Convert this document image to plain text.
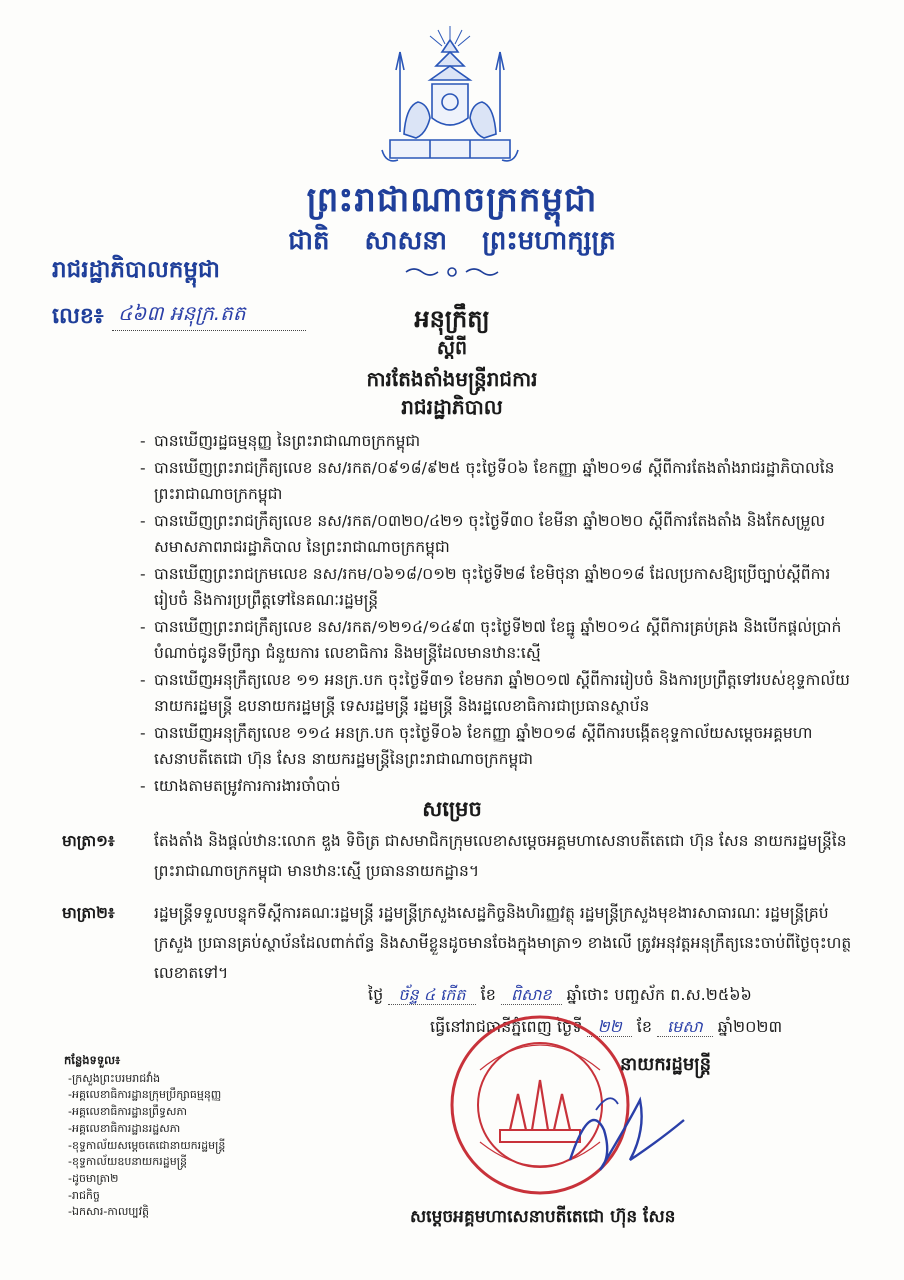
ព្រះរាជាណាចក្រកម្ពុជា
ជាតិ សាសនា ព្រះមហាក្សត្រ
រាជរដ្ឋាភិបាលកម្ពុជា
លេខ៖ ៤៦៣ អនុក្រ.តត	អនុក្រឹត្យ
ស្ដីពី
ការតែងតាំងមន្ត្រីរាជការ
រាជរដ្ឋាភិបាល
- បានឃើញរដ្ឋធម្មនុញ្ញ នៃព្រះរាជាណាចក្រកម្ពុជា
- បានឃើញព្រះរាជក្រឹត្យលេខ នស/រកត/០៩១៨/៩២៥ ចុះថ្ងៃទី០៦ ខែកញ្ញា ឆ្នាំ២០១៨ ស្ដីពីការតែងតាំងរាជរដ្ឋាភិបាលនៃព្រះរាជាណាចក្រកម្ពុជា
- បានឃើញព្រះរាជក្រឹត្យលេខ នស/រកត/០៣២០/៤២១ ចុះថ្ងៃទី៣០ ខែមីនា ឆ្នាំ២០២០ ស្ដីពីការតែងតាំង និងកែសម្រួលសមាសភាពរាជរដ្ឋាភិបាល នៃព្រះរាជាណាចក្រកម្ពុជា
- បានឃើញព្រះរាជក្រមលេខ នស/រកម/០៦១៨/០១២ ចុះថ្ងៃទី២៨ ខែមិថុនា ឆ្នាំ២០១៨ ដែលប្រកាសឱ្យប្រើច្បាប់ស្ដីពីការរៀបចំ និងការប្រព្រឹត្តទៅនៃគណៈរដ្ឋមន្ត្រី
- បានឃើញព្រះរាជក្រឹត្យលេខ នស/រកត/១២១៤/១៤៩៣ ចុះថ្ងៃទី២៧ ខែធ្នូ ឆ្នាំ២០១៤ ស្ដីពីការគ្រប់គ្រង និងបើកផ្ដល់ប្រាក់បំណាច់ជូនទីប្រឹក្សា ជំនួយការ លេខាធិការ និងមន្ត្រីដែលមានឋានៈស្មើ
- បានឃើញអនុក្រឹត្យលេខ ១១ អនក្រ.បក ចុះថ្ងៃទី៣១ ខែមករា ឆ្នាំ២០១៧ ស្ដីពីការរៀបចំ និងការប្រព្រឹត្តទៅរបស់ខុទ្ទកាល័យនាយករដ្ឋមន្ត្រី ឧបនាយករដ្ឋមន្ត្រី ទេសរដ្ឋមន្ត្រី រដ្ឋមន្ត្រី និងរដ្ឋលេខាធិការជាប្រធានស្ថាប័ន
- បានឃើញអនុក្រឹត្យលេខ ១១៤ អនក្រ.បក ចុះថ្ងៃទី០៦ ខែកញ្ញា ឆ្នាំ២០១៨ ស្ដីពីការបង្កើតខុទ្ទកាល័យសម្ដេចអគ្គមហាសេនាបតីតេជោ ហ៊ុន សែន នាយករដ្ឋមន្ត្រីនៃព្រះរាជាណាចក្រកម្ពុជា
- យោងតាមតម្រូវការការងារចាំបាច់
សម្រេច
មាត្រា១៖	តែងតាំង និងផ្ដល់ឋានៈលោក ឌួង ទិចិត្រ ជាសមាជិកក្រុមលេខាសម្ដេចអគ្គមហាសេនាបតីតេជោ ហ៊ុន សែន នាយករដ្ឋមន្ត្រីនៃព្រះរាជាណាចក្រកម្ពុជា មានឋានៈស្មើ ប្រធាននាយកដ្ឋាន។
មាត្រា២៖	រដ្ឋមន្ត្រីទទួលបន្ទុកទីស្ដីការគណៈរដ្ឋមន្ត្រី រដ្ឋមន្ត្រីក្រសួងសេដ្ឋកិច្ចនិងហិរញ្ញវត្ថុ រដ្ឋមន្ត្រីក្រសួងមុខងារសាធារណៈ រដ្ឋមន្ត្រីគ្រប់ក្រសួង ប្រធានគ្រប់ស្ថាប័នដែលពាក់ព័ន្ធ និងសាមីខ្លួនដូចមានចែងក្នុងមាត្រា១ ខាងលើ ត្រូវអនុវត្តអនុក្រឹត្យនេះចាប់ពីថ្ងៃចុះហត្ថលេខាតទៅ។
ថ្ងៃ ច័ន្ទ ៤ កើត ខែ ពិសាខ ឆ្នាំថោះ បញ្ចស័ក ព.ស.២៥៦៦
ធ្វើនៅរាជធានីភ្នំពេញ ថ្ងៃទី ២២ ខែ មេសា ឆ្នាំ២០២៣
នាយករដ្ឋមន្ត្រី
សម្ដេចអគ្គមហាសេនាបតីតេជោ ហ៊ុន សែន
កន្លែងទទួល៖
-ក្រសួងព្រះបរមរាជវាំង
-អគ្គលេខាធិការដ្ឋានក្រុមប្រឹក្សាធម្មនុញ្ញ
-អគ្គលេខាធិការដ្ឋានព្រឹទ្ធសភា
-អគ្គលេខាធិការដ្ឋានរដ្ឋសភា
-ខុទ្ទកាល័យសម្ដេចតេជោនាយករដ្ឋមន្ត្រី
-ខុទ្ទកាល័យឧបនាយករដ្ឋមន្ត្រី
-ដូចមាត្រា២
-រាជកិច្ច
-ឯកសារ-កាលប្បវត្តិ
